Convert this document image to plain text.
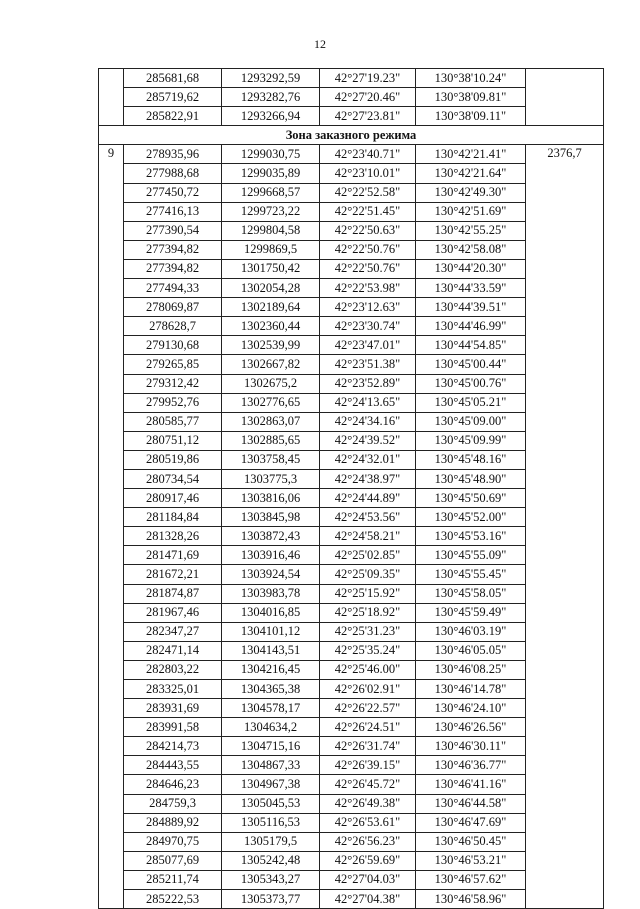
12
	285681,68	1293292,59	42°27'19.23"	130°38'10.24"	
	285719,62	1293282,76	42°27'20.46"	130°38'09.81"	
	285822,91	1293266,94	42°27'23.81"	130°38'09.11"	
Зона заказного режима					
9	278935,96	1299030,75	42°23'40.71"	130°42'21.41"	2376,7
	277988,68	1299035,89	42°23'10.01"	130°42'21.64"	
	277450,72	1299668,57	42°22'52.58"	130°42'49.30"	
	277416,13	1299723,22	42°22'51.45"	130°42'51.69"	
	277390,54	1299804,58	42°22'50.63"	130°42'55.25"	
	277394,82	1299869,5	42°22'50.76"	130°42'58.08"	
	277394,82	1301750,42	42°22'50.76"	130°44'20.30"	
	277494,33	1302054,28	42°22'53.98"	130°44'33.59"	
	278069,87	1302189,64	42°23'12.63"	130°44'39.51"	
	278628,7	1302360,44	42°23'30.74"	130°44'46.99"	
	279130,68	1302539,99	42°23'47.01"	130°44'54.85"	
	279265,85	1302667,82	42°23'51.38"	130°45'00.44"	
	279312,42	1302675,2	42°23'52.89"	130°45'00.76"	
	279952,76	1302776,65	42°24'13.65"	130°45'05.21"	
	280585,77	1302863,07	42°24'34.16"	130°45'09.00"	
	280751,12	1302885,65	42°24'39.52"	130°45'09.99"	
	280519,86	1303758,45	42°24'32.01"	130°45'48.16"	
	280734,54	1303775,3	42°24'38.97"	130°45'48.90"	
	280917,46	1303816,06	42°24'44.89"	130°45'50.69"	
	281184,84	1303845,98	42°24'53.56"	130°45'52.00"	
	281328,26	1303872,43	42°24'58.21"	130°45'53.16"	
	281471,69	1303916,46	42°25'02.85"	130°45'55.09"	
	281672,21	1303924,54	42°25'09.35"	130°45'55.45"	
	281874,87	1303983,78	42°25'15.92"	130°45'58.05"	
	281967,46	1304016,85	42°25'18.92"	130°45'59.49"	
	282347,27	1304101,12	42°25'31.23"	130°46'03.19"	
	282471,14	1304143,51	42°25'35.24"	130°46'05.05"	
	282803,22	1304216,45	42°25'46.00"	130°46'08.25"	
	283325,01	1304365,38	42°26'02.91"	130°46'14.78"	
	283931,69	1304578,17	42°26'22.57"	130°46'24.10"	
	283991,58	1304634,2	42°26'24.51"	130°46'26.56"	
	284214,73	1304715,16	42°26'31.74"	130°46'30.11"	
	284443,55	1304867,33	42°26'39.15"	130°46'36.77"	
	284646,23	1304967,38	42°26'45.72"	130°46'41.16"	
	284759,3	1305045,53	42°26'49.38"	130°46'44.58"	
	284889,92	1305116,53	42°26'53.61"	130°46'47.69"	
	284970,75	1305179,5	42°26'56.23"	130°46'50.45"	
	285077,69	1305242,48	42°26'59.69"	130°46'53.21"	
	285211,74	1305343,27	42°27'04.03"	130°46'57.62"	
	285222,53	1305373,77	42°27'04.38"	130°46'58.96"	
